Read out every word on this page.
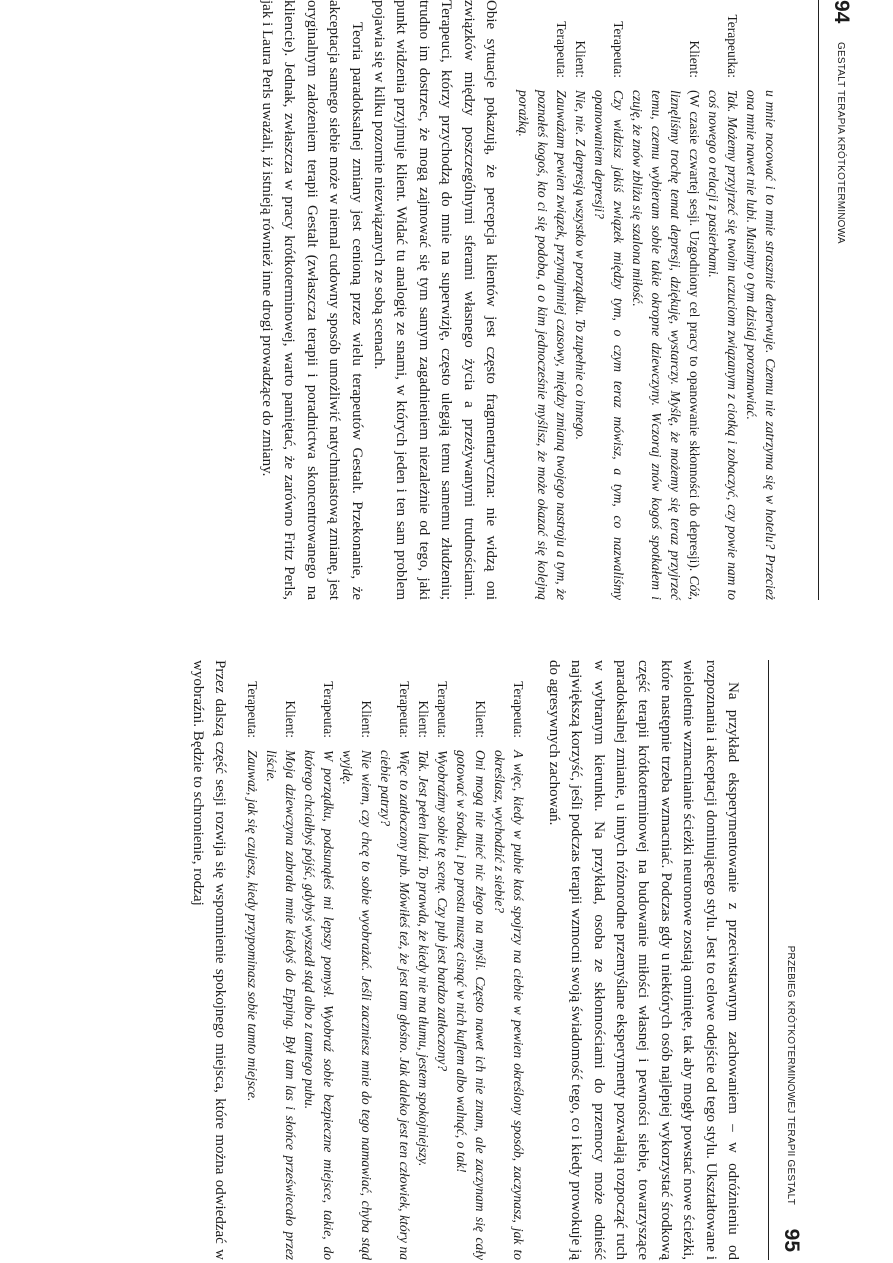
94
GESTALT TERAPIA KRÓTKOTERMINOWA
u mnie nocować i to mnie strasznie denerwuje. Czemu nie zatrzyma się w hotelu? Przecież ona mnie nawet nie lubi. Musimy o tym dzisiaj porozmawiać.
Terapeutka:
Tak. Możemy przyjrzeć się twoim uczuciom związanym z ciotką i zobaczyć, czy powie nam to coś nowego o relacji z pasierbami.
Klient:
(W czasie czwartej sesji. Uzgodniony cel pracy to opanowanie skłonności do depresji). Cóż, liznęliśmy trochę temat depresji, dziękuję, wystarczy. Myślę, że możemy się teraz przyjrzeć temu, czemu wybieram sobie takie okropne dziewczyny. Wczoraj znów kogoś spotkałem i czuję, że znów zbliża się szalona miłość.
Terapeuta:
Czy widzisz jakiś związek między tym, o czym teraz mówisz, a tym, co nazwaliśmy opanowaniem depresji?
Klient:
Nie, nie. Z depresją wszystko w porządku. To zupełnie co innego.
Terapeuta:
Zauważam pewien związek, przynajmniej czasowy, między zmianą twojego nastroju a tym, że poznałeś kogoś, kto ci się podoba, a o kim jednocześnie myślisz, że może okazać się kolejną porażką.

Obie sytuacje pokazują, że percepcja klientów jest często fragmentaryczna: nie widzą oni związków między poszczególnymi sferami własnego życia a przeżywanymi trudnościami. Terapeuci, którzy przychodzą do mnie na superwizję, często ulegają temu samemu złudzeniu; trudno im dostrzec, że mogą zajmować się tym samym zagadnieniem niezależnie od tego, jaki punkt widzenia przyjmuje klient. Widać tu analogię ze snami, w których jeden i ten sam problem pojawia się w kilku pozornie niezwiązanych ze sobą scenach.

Teoria paradoksalnej zmiany jest cenioną przez wielu terapeutów Gestalt. Przekonanie, że akceptacja samego siebie może w niemal cudowny sposób umożliwić natychmiastową zmianę, jest oryginalnym założeniem terapii Gestalt (zwłaszcza terapii i poradnictwa skoncentrowanego na kliencie). Jednak, zwłaszcza w pracy krótkoterminowej, warto pamiętać, że zarówno Fritz Perls, jak i Laura Perls uważali, iż istnieją również inne drogi prowadzące do zmiany.

PRZEBIEG KRÓTKOTERMINOWEJ TERAPII GESTALT
95

Na przykład eksperymentowanie z przeciwstawnym zachowaniem – w odróżnieniu od rozpoznania i akceptacji dominującego stylu. Jest to celowe odejście od tego stylu. Ukształtowane i wieloletnie wzmacnianie ścieżki neuronowe zostają ominięte, tak aby mogły powstać nowe ścieżki, które następnie trzeba wzmacniać. Podczas gdy u niektórych osób najlepiej wykorzystać środkową część terapii krótkoterminowej na budowanie miłości własnej i pewności siebie, towarzyszące paradoksalnej zmianie, u innych różnorodne przemyślane eksperymenty pozwalają rozpocząć ruch w wybranym kierunku. Na przykład, osoba ze skłonnościami do przemocy może odnieść największą korzyść, jeśli podczas terapii wzmocni swoją świadomość tego, co i kiedy prowokuje ją do agresywnych zachowań.

Terapeuta:
A więc, kiedy w pubie ktoś spojrzy na ciebie w pewien określony sposób, zaczynasz, jak to określasz, wychodzić z siebie?
Klient:
Oni mogą nie mieć nic złego na myśli. Często nawet ich nie znam, ale zaczynam się cały gotować w środku, i po prostu muszę cisnąć w nich kuflem albo walnąć, o tak!
Terapeuta:
Wyobraźmy sobie tę scenę. Czy pub jest bardzo zatłoczony?
Klient:
Tak. Jest pełen ludzi. To prawda, że kiedy nie ma tłumu, jestem spokojniejszy.
Terapeuta:
Więc to zatłoczony pub. Mówiłeś też, że jest tam głośno. Jak daleko jest ten człowiek, który na ciebie patrzy?
Klient:
Nie wiem, czy chcę to sobie wyobrażać. Jeśli zaczniesz mnie do tego namawiać, chyba stąd wyjdę.
Terapeuta:
W porządku, podsunąłeś mi lepszy pomysł. Wyobraź sobie bezpieczne miejsce, takie, do którego chciałbyś pójść, gdybyś wyszedł stąd albo z tamtego pubu.
Klient:
Moja dziewczyna zabrała mnie kiedyś do Epping. Był tam las i słońce przeświecało przez liście.
Terapeuta:
Zauważ, jak się czujesz, kiedy przypominasz sobie tamto miejsce.

Przez dalszą część sesji rozwija się wspomnienie spokojnego miejsca, które można odwiedzać w wyobraźni. Będzie to schronienie, rodzaj
